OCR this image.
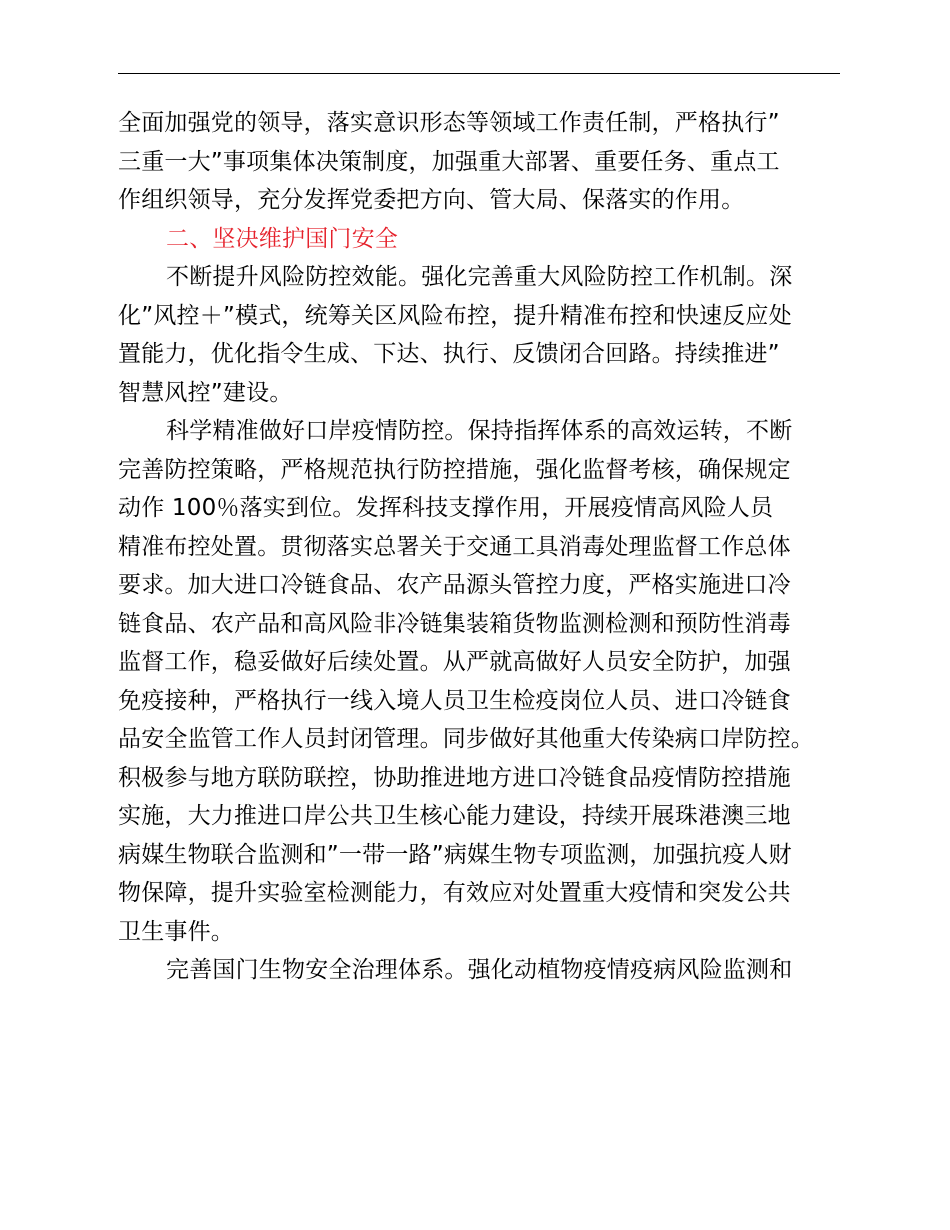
全面加强党的领导，落实意识形态等领域工作责任制，严格执行”
三重一大”事项集体决策制度，加强重大部署、重要任务、重点工
作组织领导，充分发挥党委把方向、管大局、保落实的作用。
二、坚决维护国门安全
不断提升风险防控效能。强化完善重大风险防控工作机制。深
化”风控＋”模式，统筹关区风险布控，提升精准布控和快速反应处
置能力，优化指令生成、下达、执行、反馈闭合回路。持续推进”
智慧风控”建设。
科学精准做好口岸疫情防控。保持指挥体系的高效运转，不断
完善防控策略，严格规范执行防控措施，强化监督考核，确保规定
动作 100％落实到位。发挥科技支撑作用，开展疫情高风险人员
精准布控处置。贯彻落实总署关于交通工具消毒处理监督工作总体
要求。加大进口冷链食品、农产品源头管控力度，严格实施进口冷
链食品、农产品和高风险非冷链集装箱货物监测检测和预防性消毒
监督工作，稳妥做好后续处置。从严就高做好人员安全防护，加强
免疫接种，严格执行一线入境人员卫生检疫岗位人员、进口冷链食
品安全监管工作人员封闭管理。同步做好其他重大传染病口岸防控。
积极参与地方联防联控，协助推进地方进口冷链食品疫情防控措施
实施，大力推进口岸公共卫生核心能力建设，持续开展珠港澳三地
病媒生物联合监测和”一带一路”病媒生物专项监测，加强抗疫人财
物保障，提升实验室检测能力，有效应对处置重大疫情和突发公共
卫生事件。
完善国门生物安全治理体系。强化动植物疫情疫病风险监测和
